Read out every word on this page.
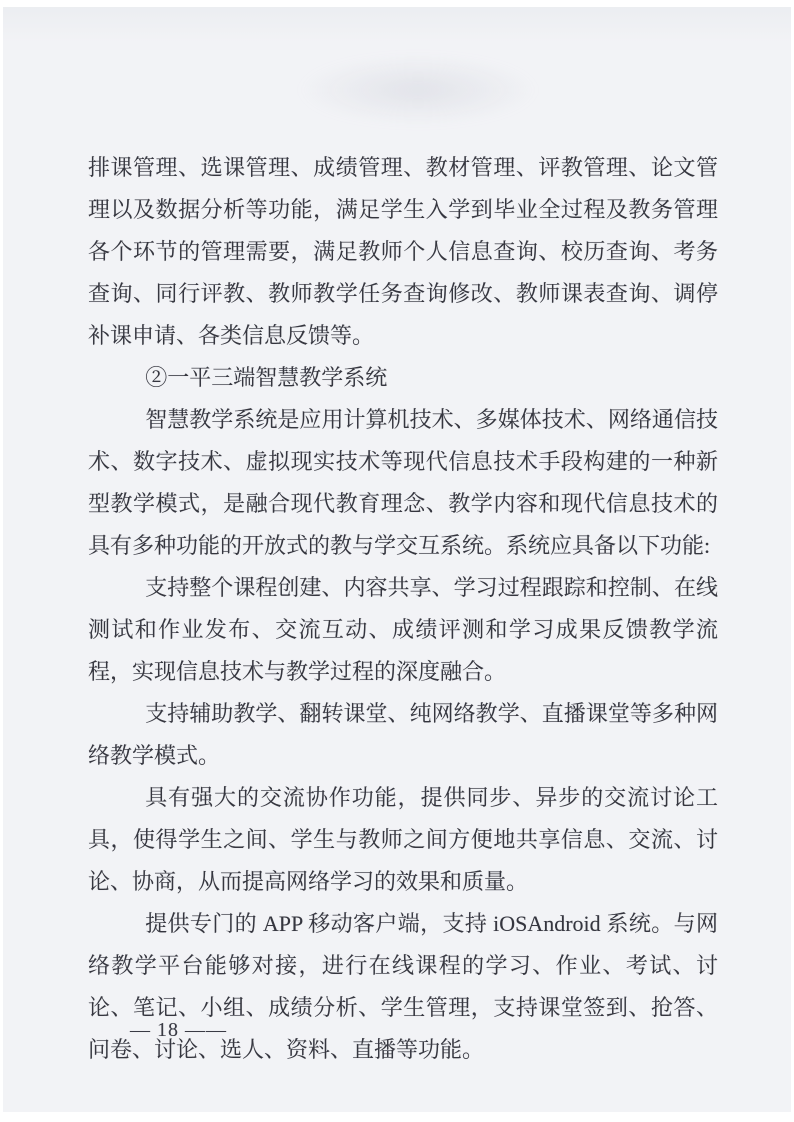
排课管理、选课管理、成绩管理、教材管理、评教管理、论文管理以及数据分析等功能，满足学生入学到毕业全过程及教务管理各个环节的管理需要，满足教师个人信息查询、校历查询、考务查询、同行评教、教师教学任务查询修改、教师课表查询、调停补课申请、各类信息反馈等。

②一平三端智慧教学系统

智慧教学系统是应用计算机技术、多媒体技术、网络通信技术、数字技术、虚拟现实技术等现代信息技术手段构建的一种新型教学模式，是融合现代教育理念、教学内容和现代信息技术的具有多种功能的开放式的教与学交互系统。系统应具备以下功能:

支持整个课程创建、内容共享、学习过程跟踪和控制、在线测试和作业发布、交流互动、成绩评测和学习成果反馈教学流程，实现信息技术与教学过程的深度融合。

支持辅助教学、翻转课堂、纯网络教学、直播课堂等多种网络教学模式。

具有强大的交流协作功能，提供同步、异步的交流讨论工具，使得学生之间、学生与教师之间方便地共享信息、交流、讨论、协商，从而提高网络学习的效果和质量。

提供专门的 APP 移动客户端，支持 iOSAndroid 系统。与网络教学平台能够对接，进行在线课程的学习、作业、考试、讨论、笔记、小组、成绩分析、学生管理，支持课堂签到、抢答、问卷、讨论、选人、资料、直播等功能。

— 18 ——
